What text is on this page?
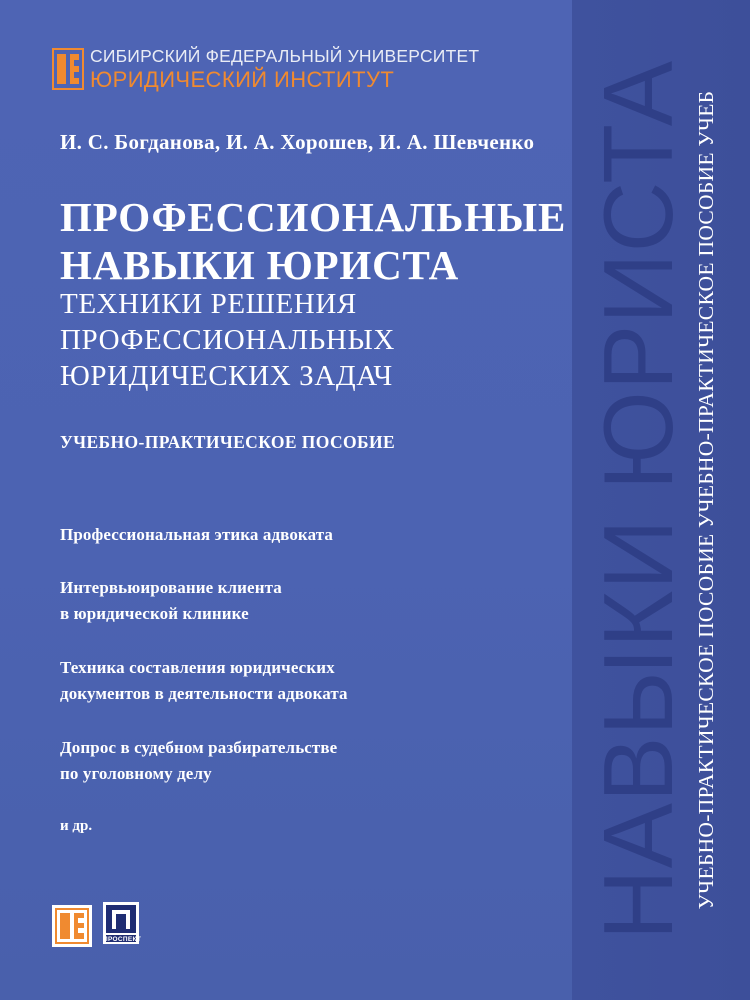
НАВЫКИ ЮРИСТА УЧЕБНО-ПРАКТИЧЕСКОЕ ПОСОБИЕ УЧЕБНО-ПРАКТИЧЕСКОЕ ПОСОБИЕ УЧЕБ
СИБИРСКИЙ ФЕДЕРАЛЬНЫЙ УНИВЕРСИТЕТ
ЮРИДИЧЕСКИЙ ИНСТИТУТ
И. С. Богданова, И. А. Хорошев, И. А. Шевченко
ПРОФЕССИОНАЛЬНЫЕ
НАВЫКИ ЮРИСТА
ТЕХНИКИ РЕШЕНИЯ
ПРОФЕССИОНАЛЬНЫХ
ЮРИДИЧЕСКИХ ЗАДАЧ
УЧЕБНО-ПРАКТИЧЕСКОЕ ПОСОБИЕ
Профессиональная этика адвоката
Интервьюирование клиента
в юридической клинике
Техника составления юридических
документов в деятельности адвоката
Допрос в судебном разбирательстве
по уголовному делу
и др.
ПРОСПЕКТ
